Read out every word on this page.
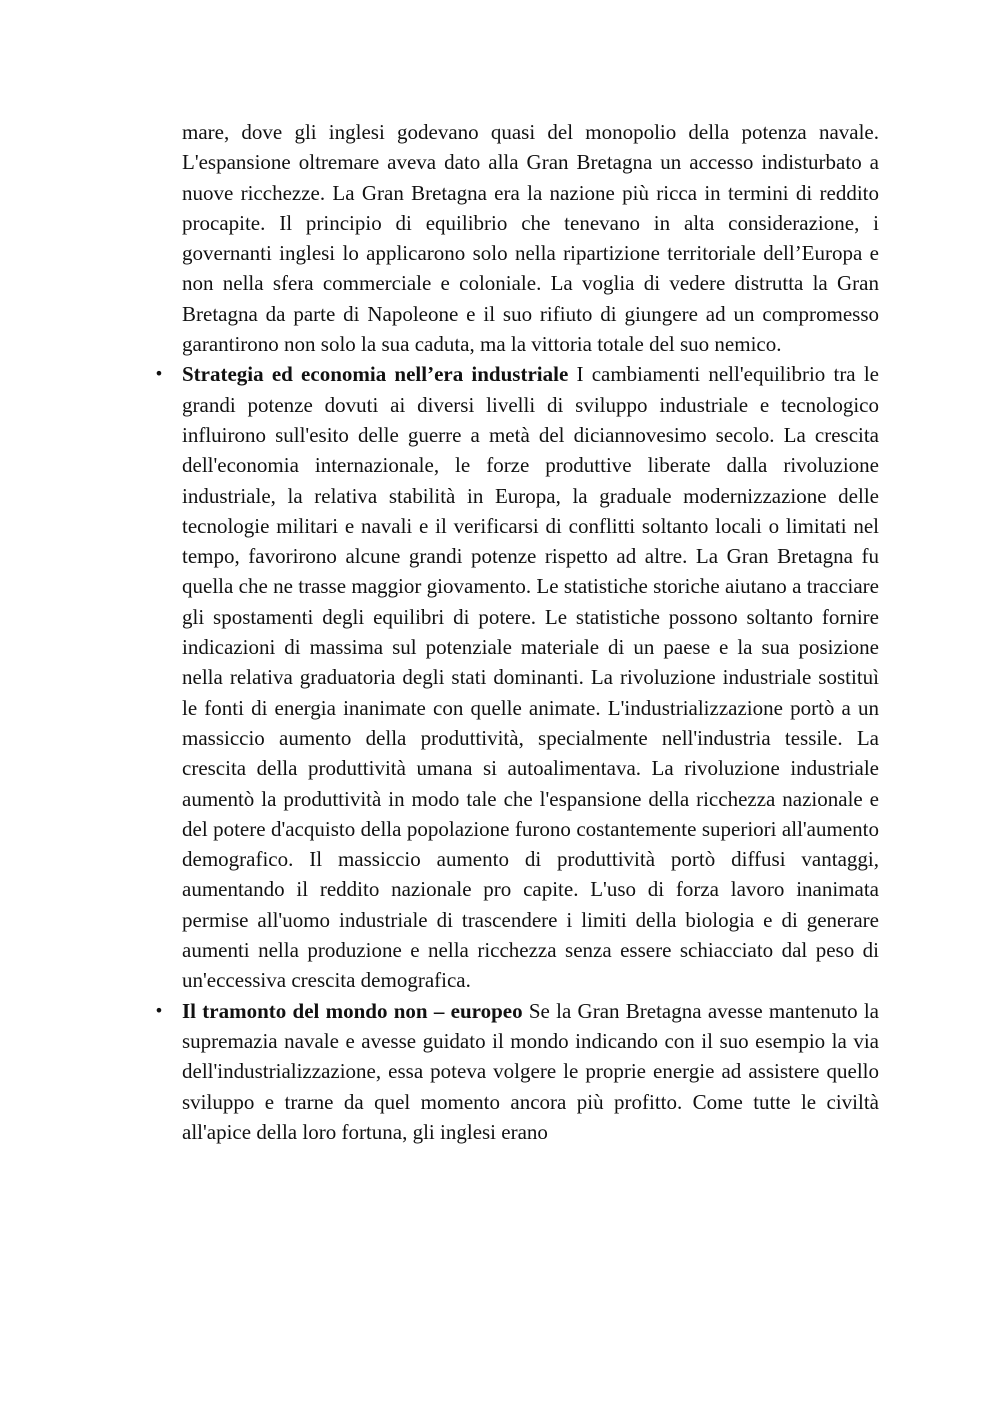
mare, dove gli inglesi godevano quasi del monopolio della potenza navale. L'espansione oltremare aveva dato alla Gran Bretagna un accesso indisturbato a nuove ricchezze. La Gran Bretagna era la nazione più ricca in termini di reddito procapite. Il principio di equilibrio che tenevano in alta considerazione, i governanti inglesi lo applicarono solo nella ripartizione territoriale dell’Europa e non nella sfera commerciale e coloniale. La voglia di vedere distrutta la Gran Bretagna da parte di Napoleone e il suo rifiuto di giungere ad un compromesso garantirono non solo la sua caduta, ma la vittoria totale del suo nemico.

• Strategia ed economia nell’era industriale I cambiamenti nell'equilibrio tra le grandi potenze dovuti ai diversi livelli di sviluppo industriale e tecnologico influirono sull'esito delle guerre a metà del diciannovesimo secolo. La crescita dell'economia internazionale, le forze produttive liberate dalla rivoluzione industriale, la relativa stabilità in Europa, la graduale modernizzazione delle tecnologie militari e navali e il verificarsi di conflitti soltanto locali o limitati nel tempo, favorirono alcune grandi potenze rispetto ad altre. La Gran Bretagna fu quella che ne trasse maggior giovamento. Le statistiche storiche aiutano a tracciare gli spostamenti degli equilibri di potere. Le statistiche possono soltanto fornire indicazioni di massima sul potenziale materiale di un paese e la sua posizione nella relativa graduatoria degli stati dominanti. La rivoluzione industriale sostituì le fonti di energia inanimate con quelle animate. L'industrializzazione portò a un massiccio aumento della produttività, specialmente nell'industria tessile. La crescita della produttività umana si autoalimentava. La rivoluzione industriale aumentò la produttività in modo tale che l'espansione della ricchezza nazionale e del potere d'acquisto della popolazione furono costantemente superiori all'aumento demografico. Il massiccio aumento di produttività portò diffusi vantaggi, aumentando il reddito nazionale pro capite. L'uso di forza lavoro inanimata permise all'uomo industriale di trascendere i limiti della biologia e di generare aumenti nella produzione e nella ricchezza senza essere schiacciato dal peso di un'eccessiva crescita demografica.

• Il tramonto del mondo non – europeo Se la Gran Bretagna avesse mantenuto la supremazia navale e avesse guidato il mondo indicando con il suo esempio la via dell'industrializzazione, essa poteva volgere le proprie energie ad assistere quello sviluppo e trarne da quel momento ancora più profitto. Come tutte le civiltà all'apice della loro fortuna, gli inglesi erano
